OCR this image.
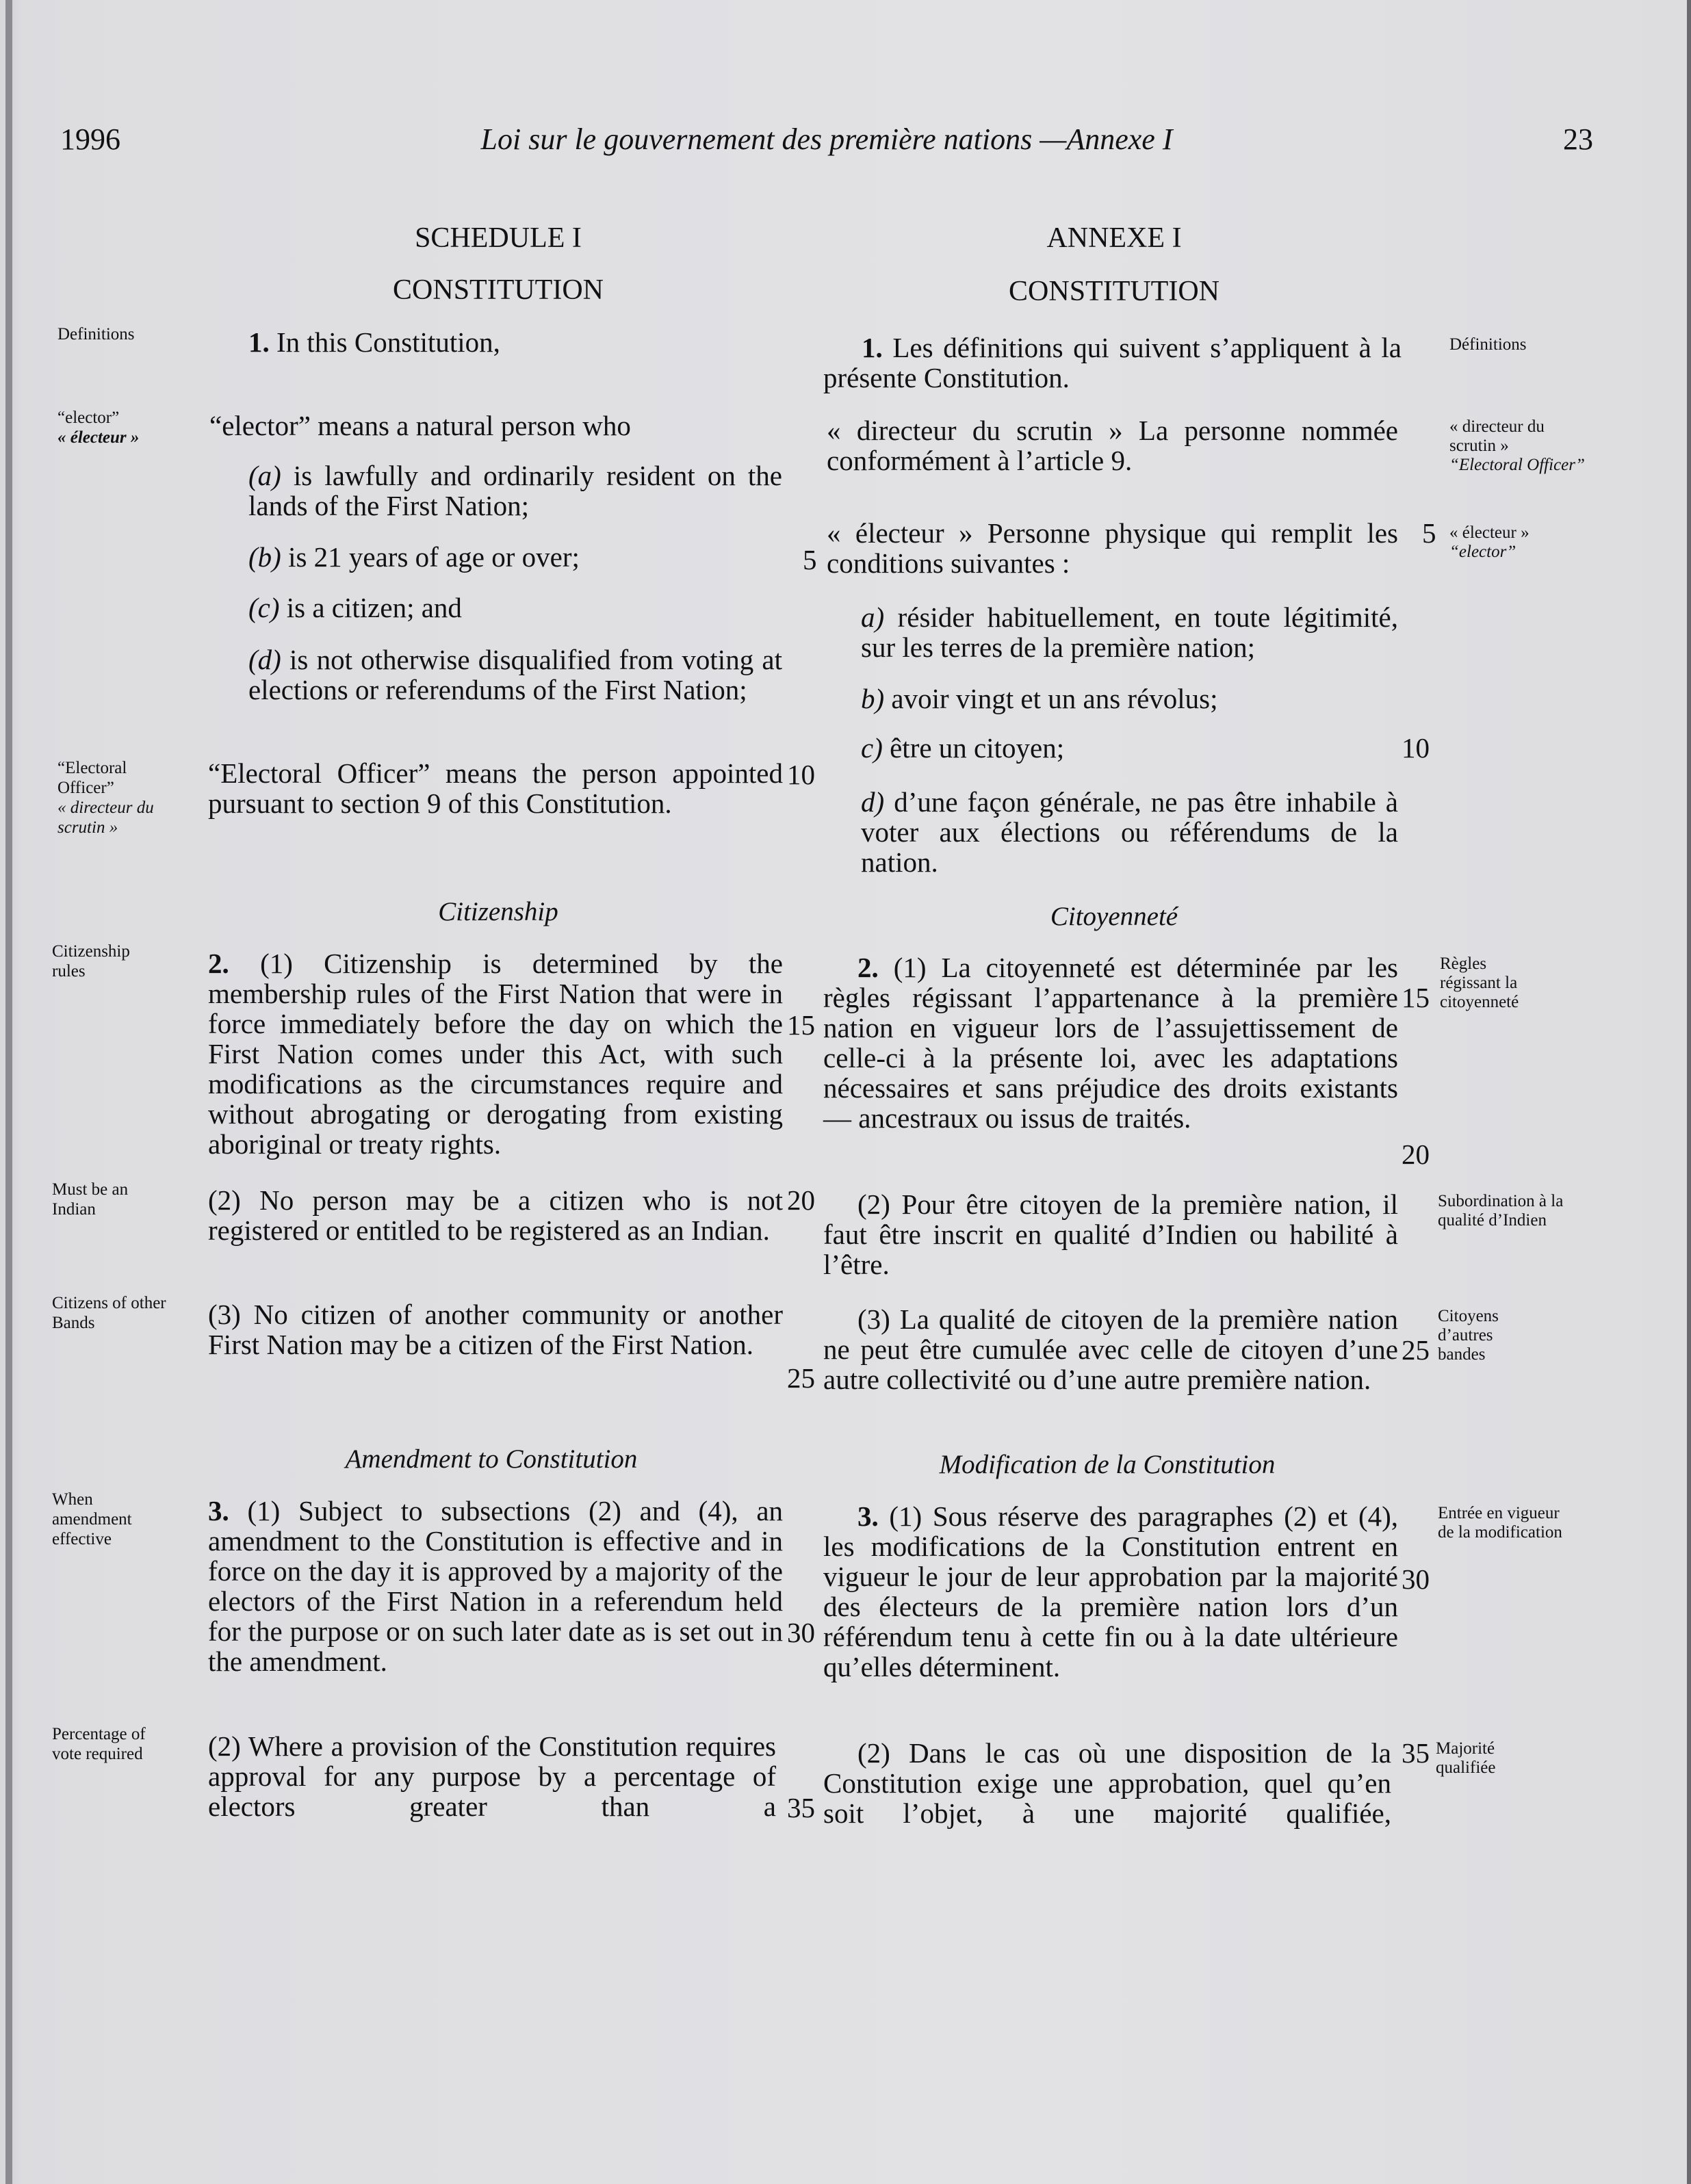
1996	Loi sur le gouvernement des première nations —Annexe I	23
SCHEDULE I
CONSTITUTION
ANNEXE I
CONSTITUTION
1. In this Constitution,
“elector” means a natural person who
(a) is lawfully and ordinarily resident on the lands of the First Nation;
(b) is 21 years of age or over;
(c) is a citizen; and
(d) is not otherwise disqualified from voting at elections or referendums of the First Nation;
“Electoral Officer” means the person appointed pursuant to section 9 of this Constitution.
Citizenship
2. (1) Citizenship is determined by the membership rules of the First Nation that were in force immediately before the day on which the First Nation comes under this Act, with such modifications as the circumstances require and without abrogating or derogating from existing aboriginal or treaty rights.
(2) No person may be a citizen who is not registered or entitled to be registered as an Indian.
(3) No citizen of another community or another First Nation may be a citizen of the First Nation.
Amendment to Constitution
3. (1) Subject to subsections (2) and (4), an amendment to the Constitution is effective and in force on the day it is approved by a majority of the electors of the First Nation in a referendum held for the purpose or on such later date as is set out in the amendment.
(2) Where a provision of the Constitution requires approval for any purpose by a percentage of electors greater than a
5
10
15
20
25
30
35
Definitions
“elector”
« électeur »
“Electoral Officer”
« directeur du scrutin »
Citizenship rules
Must be an Indian
Citizens of other Bands
When amendment effective
Percentage of vote required
1. Les définitions qui suivent s’appliquent à la présente Constitution.
« directeur du scrutin » La personne nommée conformément à l’article 9.
« électeur » Personne physique qui remplit les conditions suivantes :
a) résider habituellement, en toute légitimité, sur les terres de la première nation;
b) avoir vingt et un ans révolus;
c) être un citoyen;
d) d’une façon générale, ne pas être inhabile à voter aux élections ou référendums de la nation.
Citoyenneté
2. (1) La citoyenneté est déterminée par les règles régissant l’appartenance à la première nation en vigueur lors de l’assujettissement de celle-ci à la présente loi, avec les adaptations nécessaires et sans préjudice des droits existants — ancestraux ou issus de traités.
(2) Pour être citoyen de la première nation, il faut être inscrit en qualité d’Indien ou habilité à l’être.
(3) La qualité de citoyen de la première nation ne peut être cumulée avec celle de citoyen d’une autre collectivité ou d’une autre première nation.
Modification de la Constitution
3. (1) Sous réserve des paragraphes (2) et (4), les modifications de la Constitution entrent en vigueur le jour de leur approbation par la majorité des électeurs de la première nation lors d’un référendum tenu à cette fin ou à la date ultérieure qu’elles déterminent.
(2) Dans le cas où une disposition de la Constitution exige une approbation, quel qu’en soit l’objet, à une majorité qualifiée,
5
10
15
20
25
30
35
Définitions
« directeur du scrutin »
“Electoral Officer”
« électeur »
“elector”
Règles régissant la citoyenneté
Subordination à la qualité d’Indien
Citoyens d’autres bandes
Entrée en vigueur de la modification
Majorité qualifiée
